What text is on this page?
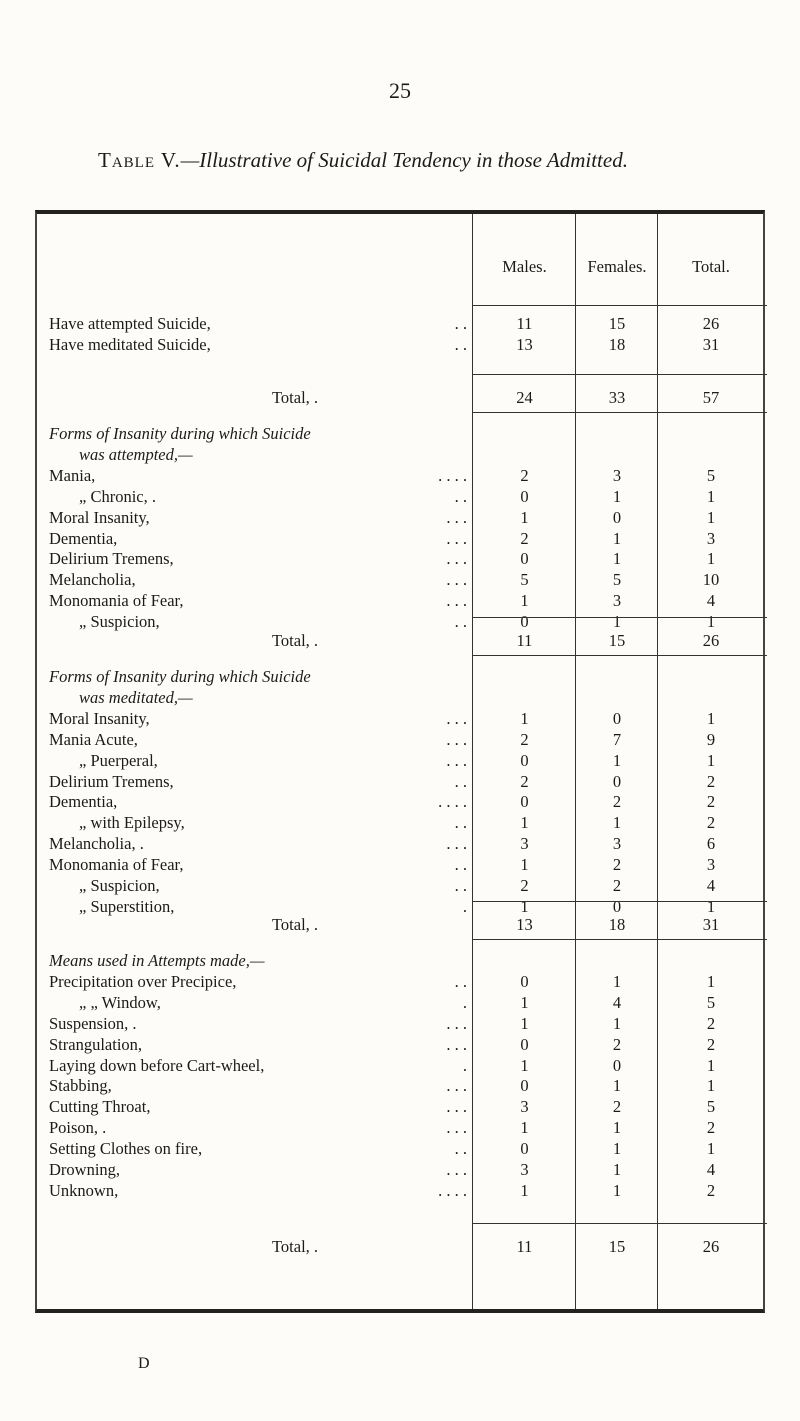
25
Table V.—Illustrative of Suicidal Tendency in those Admitted.
Males.	Females.	Total.
Have attempted Suicide,	. .	11	15	26
Have meditated Suicide,	. .	13	18	31
Total, .	24	33	57
Forms of Insanity during which Suicide
was attempted,—
Mania,	. . . .	2	3	5
„ Chronic, .	. .	0	1	1
Moral Insanity,	. . .	1	0	1
Dementia,	. . .	2	1	3
Delirium Tremens,	. . .	0	1	1
Melancholia,	. . .	5	5	10
Monomania of Fear,	. . .	1	3	4
„ Suspicion,	. .	0	1	1
Total, .	11	15	26
Forms of Insanity during which Suicide
was meditated,—
Moral Insanity,	. . .	1	0	1
Mania Acute,	. . .	2	7	9
„ Puerperal,	. . .	0	1	1
Delirium Tremens,	. .	2	0	2
Dementia,	. . . .	0	2	2
„ with Epilepsy,	. .	1	1	2
Melancholia, .	. . .	3	3	6
Monomania of Fear,	. .	1	2	3
„ Suspicion,	. .	2	2	4
„ Superstition,	.	1	0	1
Total, .	13	18	31
Means used in Attempts made,—
Precipitation over Precipice,	. .	0	1	1
„ „ Window,	.	1	4	5
Suspension, .	. . .	1	1	2
Strangulation,	. . .	0	2	2
Laying down before Cart-wheel,	.	1	0	1
Stabbing,	. . .	0	1	1
Cutting Throat,	. . .	3	2	5
Poison, .	. . .	1	1	2
Setting Clothes on fire,	. .	0	1	1
Drowning,	. . .	3	1	4
Unknown,	. . . .	1	1	2
Total, .	11	15	26
D
